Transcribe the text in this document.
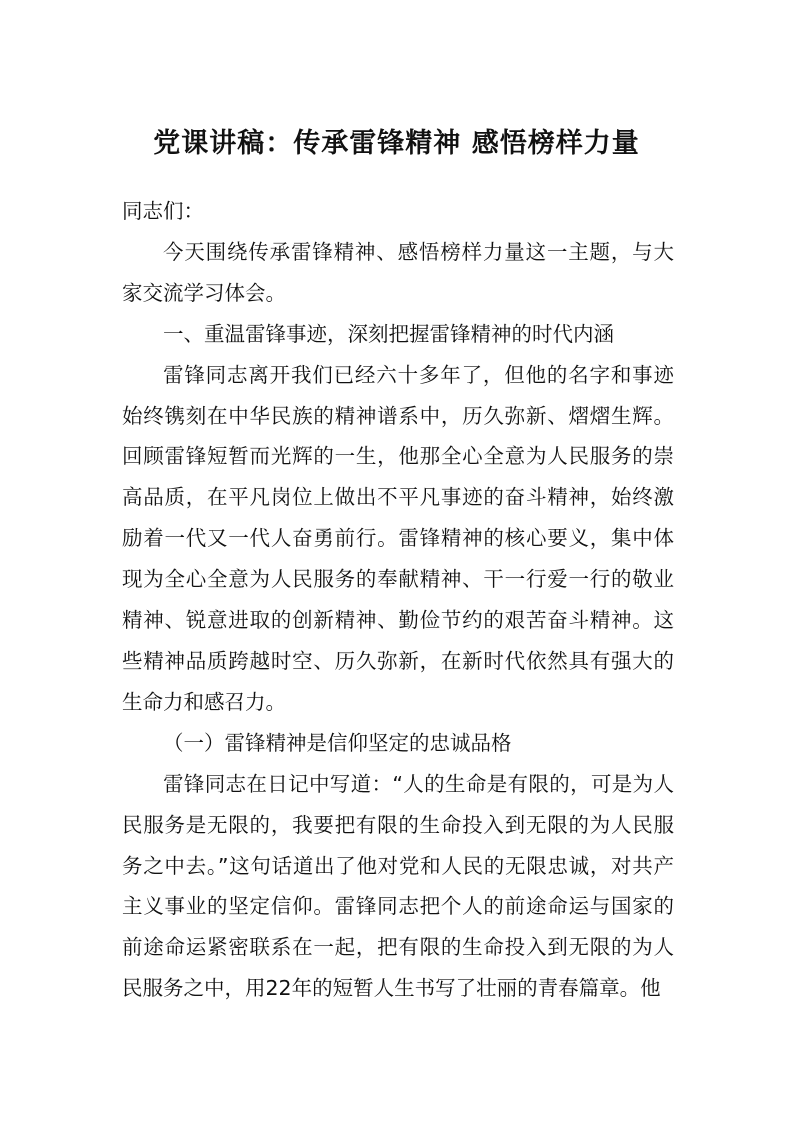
党课讲稿：传承雷锋精神 感悟榜样力量

同志们：

今天围绕传承雷锋精神、感悟榜样力量这一主题，与大家交流学习体会。

一、重温雷锋事迹，深刻把握雷锋精神的时代内涵

雷锋同志离开我们已经六十多年了，但他的名字和事迹始终镌刻在中华民族的精神谱系中，历久弥新、熠熠生辉。回顾雷锋短暂而光辉的一生，他那全心全意为人民服务的崇高品质，在平凡岗位上做出不平凡事迹的奋斗精神，始终激励着一代又一代人奋勇前行。雷锋精神的核心要义，集中体现为全心全意为人民服务的奉献精神、干一行爱一行的敬业精神、锐意进取的创新精神、勤俭节约的艰苦奋斗精神。这些精神品质跨越时空、历久弥新，在新时代依然具有强大的生命力和感召力。

（一）雷锋精神是信仰坚定的忠诚品格

雷锋同志在日记中写道：“人的生命是有限的，可是为人民服务是无限的，我要把有限的生命投入到无限的为人民服务之中去。”这句话道出了他对党和人民的无限忠诚，对共产主义事业的坚定信仰。雷锋同志把个人的前途命运与国家的前途命运紧密联系在一起，把有限的生命投入到无限的为人民服务之中，用22年的短暂人生书写了壮丽的青春篇章。他
